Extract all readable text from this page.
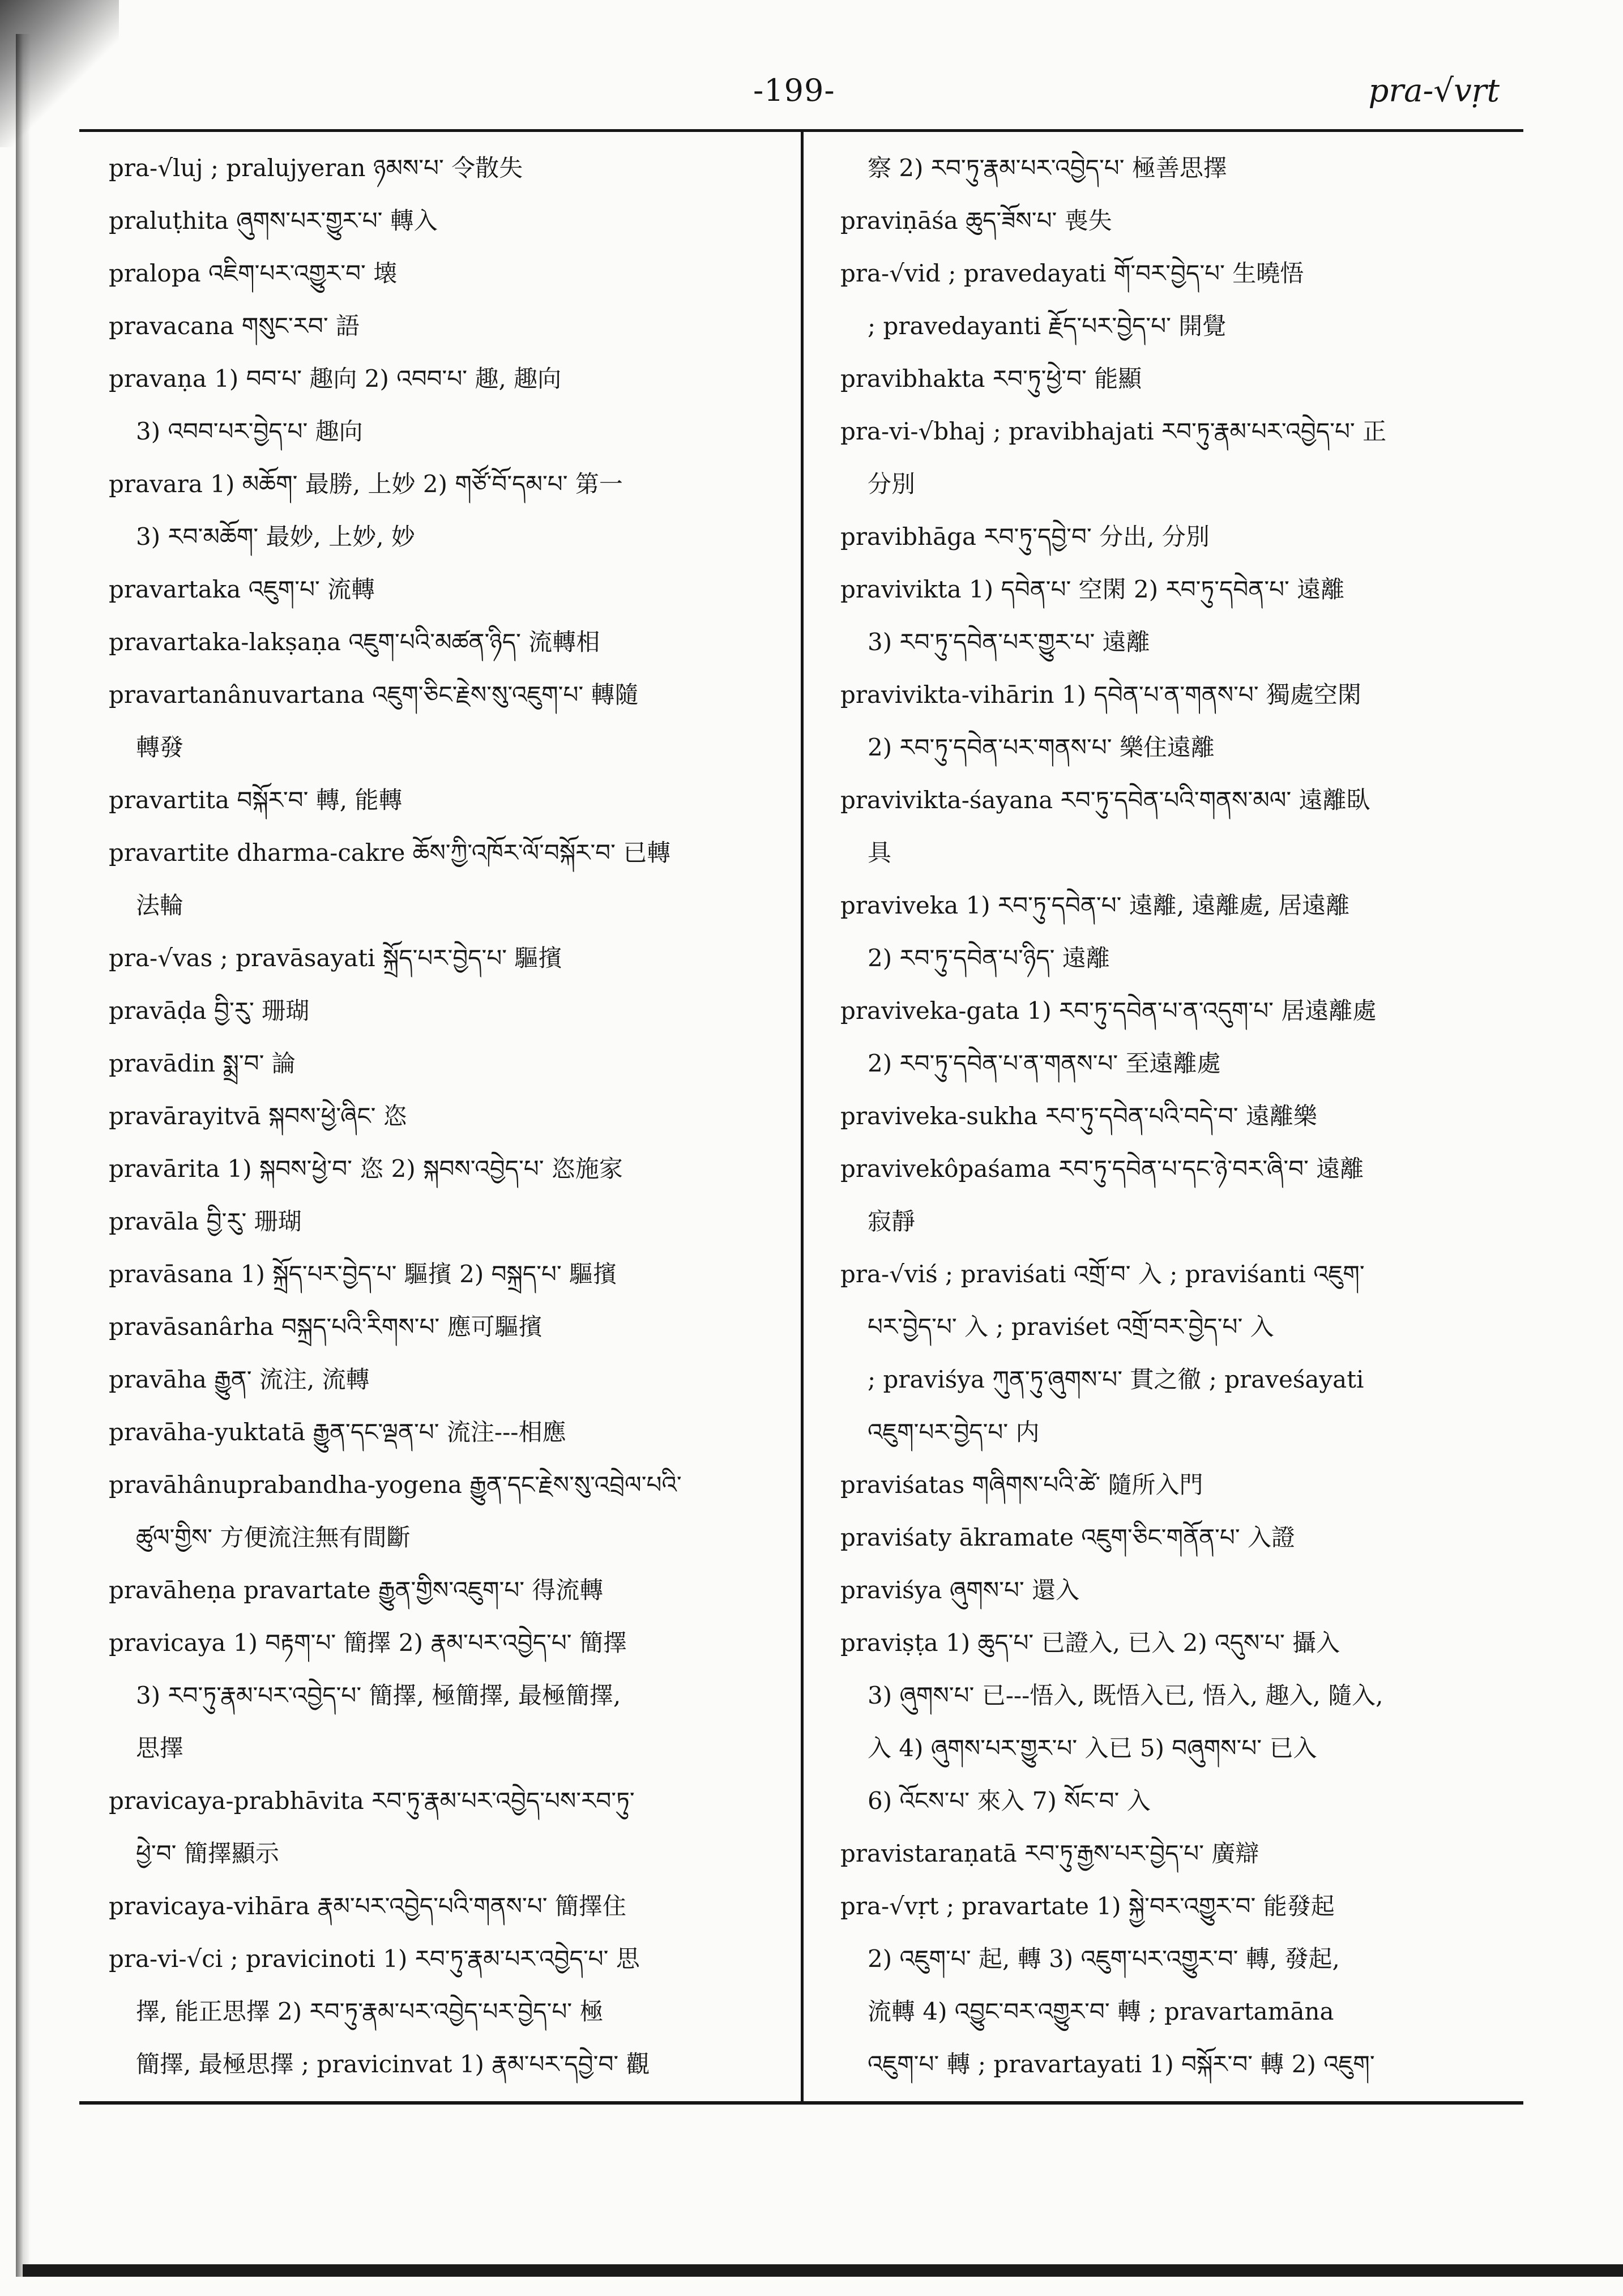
-199-	pra-√vṛt
pra-√luj ; pralujyeran ཉམས་པ་ 令散失
praluṭhita ཞུགས་པར་གྱུར་པ་ 轉入
pralopa འཇིག་པར་འགྱུར་བ་ 壊
pravacana གསུང་རབ་ 語
pravaṇa 1) བབ་པ་ 趣向 2) འབབ་པ་ 趣, 趣向
3) འབབ་པར་བྱེད་པ་ 趣向
pravara 1) མཆོག་ 最勝, 上妙 2) གཙོ་བོ་དམ་པ་ 第一
3) རབ་མཆོག་ 最妙, 上妙, 妙
pravartaka འཇུག་པ་ 流轉
pravartaka-lakṣaṇa འཇུག་པའི་མཚན་ཉིད་ 流轉相
pravartanânuvartana འཇུག་ཅིང་རྗེས་སུ་འཇུག་པ་ 轉隨
轉發
pravartita བསྐོར་བ་ 轉, 能轉
pravartite dharma-cakre ཆོས་ཀྱི་འཁོར་ལོ་བསྐོར་བ་ 已轉
法輪
pra-√vas ; pravāsayati སྐྲོད་པར་བྱེད་པ་ 驅擯
pravāḍa བྱི་རུ་ 珊瑚
pravādin སྨྲ་བ་ 論
pravārayitvā སྐབས་ཕྱེ་ཞིང་ 恣
pravārita 1) སྐབས་ཕྱེ་བ་ 恣 2) སྐབས་འབྱེད་པ་ 恣施家
pravāla བྱི་རུ་ 珊瑚
pravāsana 1) སྐྲོད་པར་བྱེད་པ་ 驅擯 2) བསྐྲད་པ་ 驅擯
pravāsanârha བསྐྲད་པའི་རིགས་པ་ 應可驅擯
pravāha རྒྱུན་ 流注, 流轉
pravāha-yuktatā རྒྱུན་དང་ལྡན་པ་ 流注---相應
pravāhânuprabandha-yogena རྒྱུན་དང་རྗེས་སུ་འབྲེལ་པའི་
ཚུལ་གྱིས་ 方便流注無有間斷
pravāheṇa pravartate རྒྱུན་གྱིས་འཇུག་པ་ 得流轉
pravicaya 1) བརྟག་པ་ 簡擇 2) རྣམ་པར་འབྱེད་པ་ 簡擇
3) རབ་ཏུ་རྣམ་པར་འབྱེད་པ་ 簡擇, 極簡擇, 最極簡擇,
思擇
pravicaya-prabhāvita རབ་ཏུ་རྣམ་པར་འབྱེད་པས་རབ་ཏུ་
ཕྱེ་བ་ 簡擇顯示
pravicaya-vihāra རྣམ་པར་འབྱེད་པའི་གནས་པ་ 簡擇住
pra-vi-√ci ; pravicinoti 1) རབ་ཏུ་རྣམ་པར་འབྱེད་པ་ 思
擇, 能正思擇 2) རབ་ཏུ་རྣམ་པར་འབྱེད་པར་བྱེད་པ་ 極
簡擇, 最極思擇 ; pravicinvat 1) རྣམ་པར་དབྱེ་བ་ 觀
察 2) རབ་ཏུ་རྣམ་པར་འབྱེད་པ་ 極善思擇
praviṇāśa ཆུད་ཟོས་པ་ 喪失
pra-√vid ; pravedayati གོ་བར་བྱེད་པ་ 生曉悟
; pravedayanti རྗོད་པར་བྱེད་པ་ 開覺
pravibhakta རབ་ཏུ་ཕྱེ་བ་ 能顯
pra-vi-√bhaj ; pravibhajati རབ་ཏུ་རྣམ་པར་འབྱེད་པ་ 正
分別
pravibhāga རབ་ཏུ་དབྱེ་བ་ 分出, 分別
pravivikta 1) དབེན་པ་ 空閑 2) རབ་ཏུ་དབེན་པ་ 遠離
3) རབ་ཏུ་དབེན་པར་གྱུར་པ་ 遠離
pravivikta-vihārin 1) དབེན་པ་ན་གནས་པ་ 獨處空閑
2) རབ་ཏུ་དབེན་པར་གནས་པ་ 樂住遠離
pravivikta-śayana རབ་ཏུ་དབེན་པའི་གནས་མལ་ 遠離臥
具
praviveka 1) རབ་ཏུ་དབེན་པ་ 遠離, 遠離處, 居遠離
2) རབ་ཏུ་དབེན་པ་ཉིད་ 遠離
praviveka-gata 1) རབ་ཏུ་དབེན་པ་ན་འདུག་པ་ 居遠離處
2) རབ་ཏུ་དབེན་པ་ན་གནས་པ་ 至遠離處
praviveka-sukha རབ་ཏུ་དབེན་པའི་བདེ་བ་ 遠離樂
pravivekôpaśama རབ་ཏུ་དབེན་པ་དང་ཉེ་བར་ཞི་བ་ 遠離
寂靜
pra-√viś ; praviśati འགྲོ་བ་ 入 ; praviśanti འཇུག་
པར་བྱེད་པ་ 入 ; praviśet འགྲོ་བར་བྱེད་པ་ 入
; praviśya ཀུན་ཏུ་ཞུགས་པ་ 貫之徹 ; praveśayati
འཇུག་པར་བྱེད་པ་ 内
praviśatas གཞིགས་པའི་ཚེ་ 隨所入門
praviśaty ākramate འཇུག་ཅིང་གནོན་པ་ 入證
praviśya ཞུགས་པ་ 還入
praviṣṭa 1) ཆུད་པ་ 已證入, 已入 2) འདུས་པ་ 攝入
3) ཞུགས་པ་ 已---悟入, 既悟入已, 悟入, 趣入, 隨入,
入 4) ཞུགས་པར་གྱུར་པ་ 入已 5) བཞུགས་པ་ 已入
6) འོངས་པ་ 來入 7) སོང་བ་ 入
pravistaraṇatā རབ་ཏུ་རྒྱས་པར་བྱེད་པ་ 廣辯
pra-√vṛt ; pravartate 1) སྐྱེ་བར་འགྱུར་བ་ 能發起
2) འཇུག་པ་ 起, 轉 3) འཇུག་པར་འགྱུར་བ་ 轉, 發起,
流轉 4) འབྱུང་བར་འགྱུར་བ་ 轉 ; pravartamāna
འཇུག་པ་ 轉 ; pravartayati 1) བསྐོར་བ་ 轉 2) འཇུག་
